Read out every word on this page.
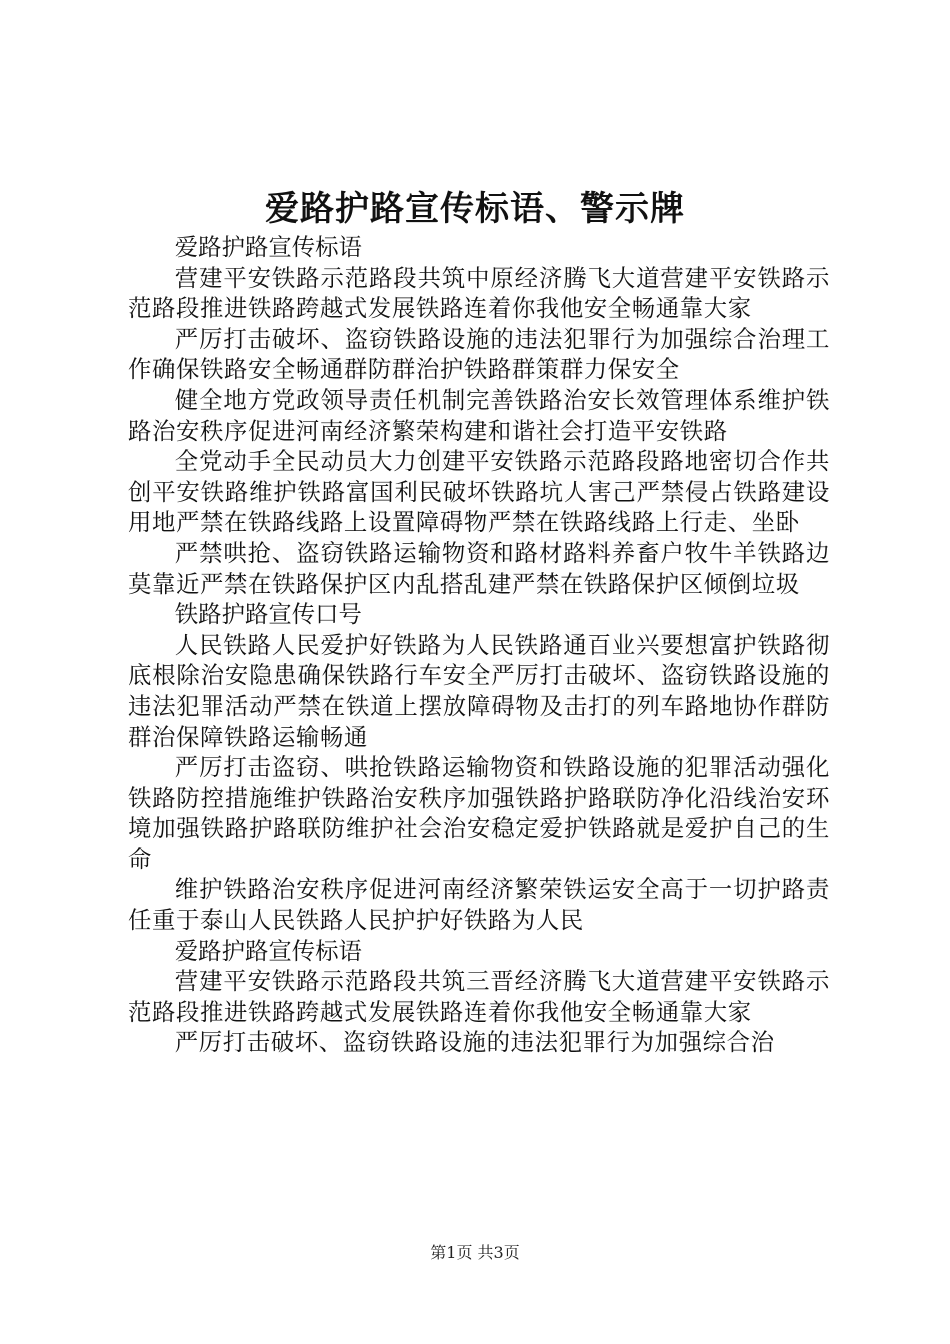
爱路护路宣传标语、警示牌

爱路护路宣传标语

营建平安铁路示范路段共筑中原经济腾飞大道营建平安铁路示范路段推进铁路跨越式发展铁路连着你我他安全畅通靠大家

严厉打击破坏、盗窃铁路设施的违法犯罪行为加强综合治理工作确保铁路安全畅通群防群治护铁路群策群力保安全

健全地方党政领导责任机制完善铁路治安长效管理体系维护铁路治安秩序促进河南经济繁荣构建和谐社会打造平安铁路

全党动手全民动员大力创建平安铁路示范路段路地密切合作共创平安铁路维护铁路富国利民破坏铁路坑人害己严禁侵占铁路建设用地严禁在铁路线路上设置障碍物严禁在铁路线路上行走、坐卧

严禁哄抢、盗窃铁路运输物资和路材路料养畜户牧牛羊铁路边莫靠近严禁在铁路保护区内乱搭乱建严禁在铁路保护区倾倒垃圾

铁路护路宣传口号

人民铁路人民爱护好铁路为人民铁路通百业兴要想富护铁路彻底根除治安隐患确保铁路行车安全严厉打击破坏、盗窃铁路设施的违法犯罪活动严禁在铁道上摆放障碍物及击打的列车路地协作群防群治保障铁路运输畅通

严厉打击盗窃、哄抢铁路运输物资和铁路设施的犯罪活动强化铁路防控措施维护铁路治安秩序加强铁路护路联防净化沿线治安环境加强铁路护路联防维护社会治安稳定爱护铁路就是爱护自己的生命

维护铁路治安秩序促进河南经济繁荣铁运安全高于一切护路责任重于泰山人民铁路人民护护好铁路为人民

爱路护路宣传标语

营建平安铁路示范路段共筑三晋经济腾飞大道营建平安铁路示范路段推进铁路跨越式发展铁路连着你我他安全畅通靠大家

严厉打击破坏、盗窃铁路设施的违法犯罪行为加强综合治

第1页 共3页
